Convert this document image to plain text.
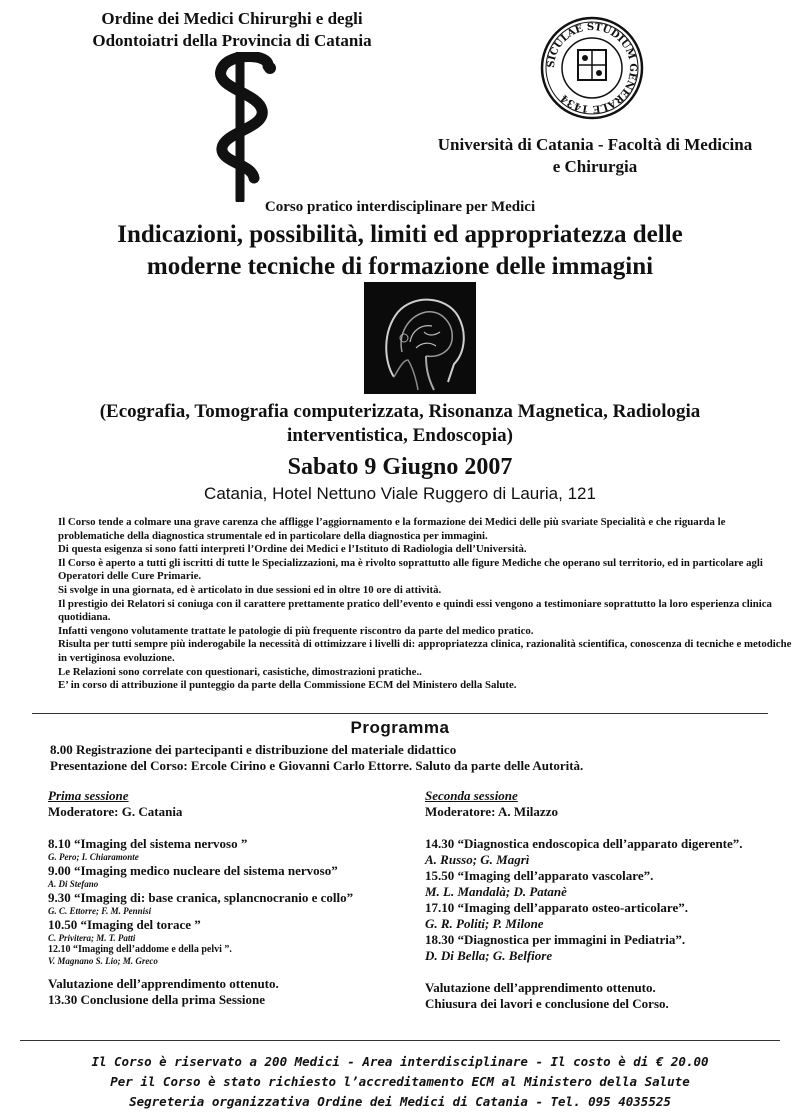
Ordine dei Medici Chirurghi e degli
Odontoiatri della Provincia di Catania
SICULAE STUDIUM GENERALE 1434
Università di Catania - Facoltà di Medicina
e Chirurgia
Corso pratico interdisciplinare per Medici
Indicazioni, possibilità, limiti ed appropriatezza delle
moderne tecniche di formazione delle immagini
(Ecografia, Tomografia computerizzata, Risonanza Magnetica, Radiologia
interventistica, Endoscopia)
Sabato 9 Giugno 2007
Catania, Hotel Nettuno Viale Ruggero di Lauria, 121

Il Corso tende a colmare una grave carenza che affligge l’aggiornamento e la formazione dei Medici delle più svariate Specialità e che riguarda le problematiche della diagnostica strumentale ed in particolare della diagnostica per immagini.

Di questa esigenza si sono fatti interpreti l’Ordine dei Medici e l’Istituto di Radiologia dell’Università.

Il Corso è aperto a tutti gli iscritti di tutte le Specializzazioni, ma è rivolto soprattutto alle figure Mediche che operano sul territorio, ed in particolare agli Operatori delle Cure Primarie.

Si svolge in una giornata, ed è articolato in due sessioni ed in oltre 10 ore di attività.

Il prestigio dei Relatori si coniuga con il carattere prettamente pratico dell’evento e quindi essi vengono a testimoniare soprattutto la loro esperienza clinica quotidiana.

Infatti vengono volutamente trattate le patologie di più frequente riscontro da parte del medico pratico.

Risulta per tutti sempre più inderogabile la necessità di ottimizzare i livelli di: appropriatezza clinica, razionalità scientifica, conoscenza di tecniche e metodiche in vertiginosa evoluzione.

Le Relazioni sono correlate con questionari, casistiche, dimostrazioni pratiche..

E’ in corso di attribuzione il punteggio da parte della Commissione ECM del Ministero della Salute.

Programma
8.00 Registrazione dei partecipanti e distribuzione del materiale didattico
Presentazione del Corso: Ercole Cirino e Giovanni Carlo Ettorre. Saluto da parte delle Autorità.
Prima sessione
Moderatore: G. Catania
8.10 “Imaging del sistema nervoso ”
G. Pero; I. Chiaramonte
9.00 “Imaging medico nucleare del sistema nervoso”
A. Di Stefano
9.30 “Imaging di: base cranica, splancnocranio e collo”
G. C. Ettorre; F. M. Pennisi
10.50 “Imaging del torace ”
C. Privitera; M. T. Patti
12.10 “Imaging dell’addome e della pelvi ”.
V. Magnano S. Lio; M. Greco
Valutazione dell’apprendimento ottenuto.
13.30 Conclusione della prima Sessione
Seconda sessione
Moderatore: A. Milazzo
14.30 “Diagnostica endoscopica dell’apparato digerente”.
A. Russo; G. Magrì
15.50 “Imaging dell’apparato vascolare”.
M. L. Mandalà; D. Patanè
17.10 “Imaging dell’apparato osteo-articolare”.
G. R. Politi; P. Milone
18.30 “Diagnostica per immagini in Pediatria”.
D. Di Bella; G. Belfiore
Valutazione dell’apprendimento ottenuto.
Chiusura dei lavori e conclusione del Corso.
Il Corso è riservato a 200 Medici - Area interdisciplinare - Il costo è di € 20.00
Per il Corso è stato richiesto l’accreditamento ECM al Ministero della Salute
Segreteria organizzativa Ordine dei Medici di Catania - Tel. 095 4035525
